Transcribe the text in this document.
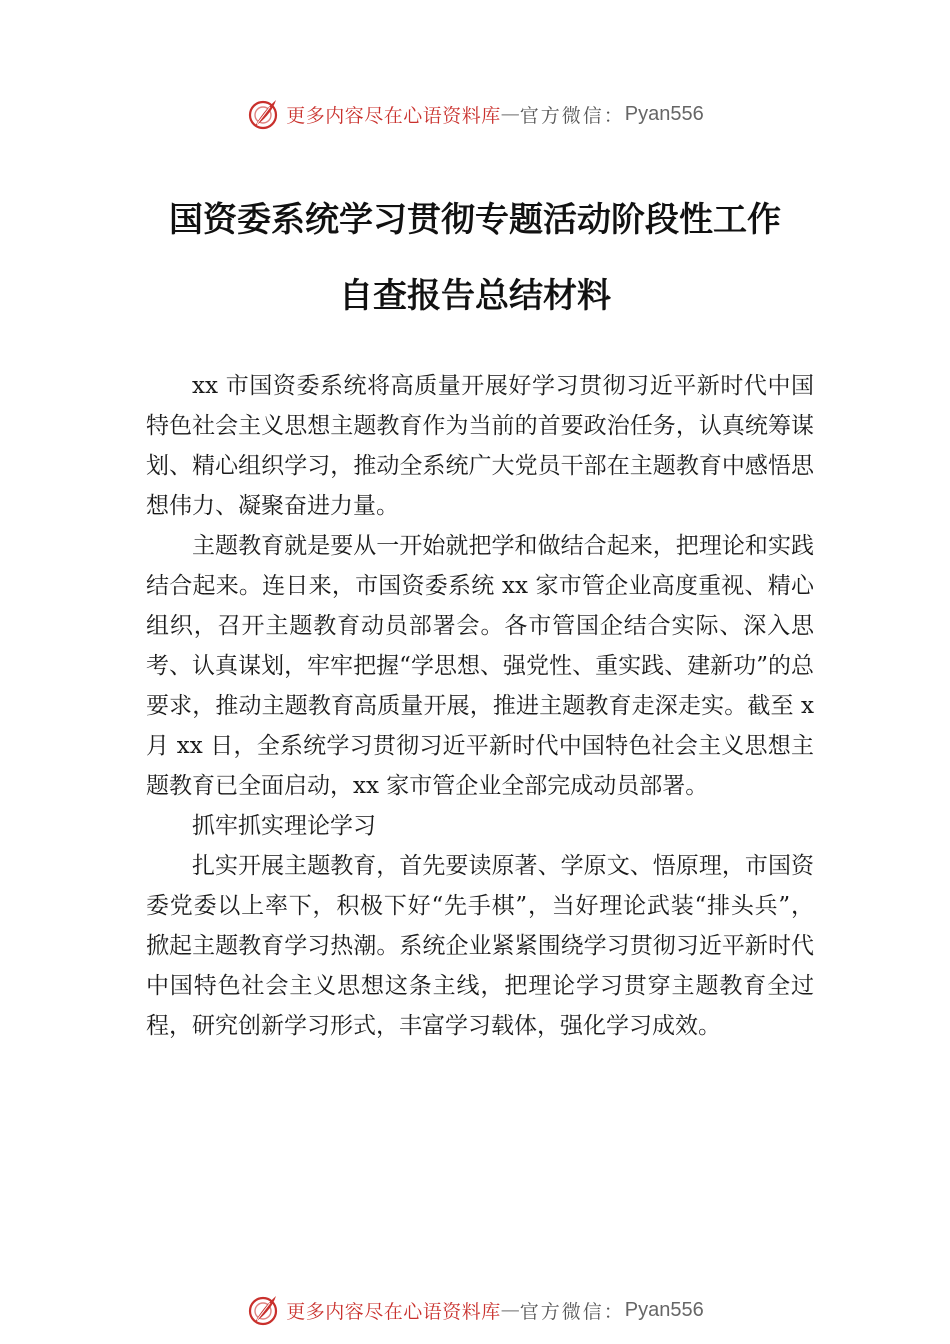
更多内容尽在心语资料库 — 官方微信： Pyan556
国资委系统学习贯彻专题活动阶段性工作
自查报告总结材料

xx 市国资委系统将高质量开展好学习贯彻习近平新时代中国特色社会主义思想主题教育作为当前的首要政治任务，认真统筹谋划、精心组织学习，推动全系统广大党员干部在主题教育中感悟思想伟力、凝聚奋进力量。

主题教育就是要从一开始就把学和做结合起来，把理论和实践结合起来。连日来，市国资委系统 xx 家市管企业高度重视、精心组织，召开主题教育动员部署会。各市管国企结合实际、深入思考、认真谋划，牢牢把握“学思想、强党性、重实践、建新功”的总要求，推动主题教育高质量开展，推进主题教育走深走实。截至 x 月 xx 日，全系统学习贯彻习近平新时代中国特色社会主义思想主题教育已全面启动，xx 家市管企业全部完成动员部署。

抓牢抓实理论学习

扎实开展主题教育，首先要读原著、学原文、悟原理，市国资委党委以上率下，积极下好“先手棋”，当好理论武装“排头兵”，掀起主题教育学习热潮。系统企业紧紧围绕学习贯彻习近平新时代中国特色社会主义思想这条主线，把理论学习贯穿主题教育全过程，研究创新学习形式，丰富学习载体，强化学习成效。

更多内容尽在心语资料库 — 官方微信： Pyan556
